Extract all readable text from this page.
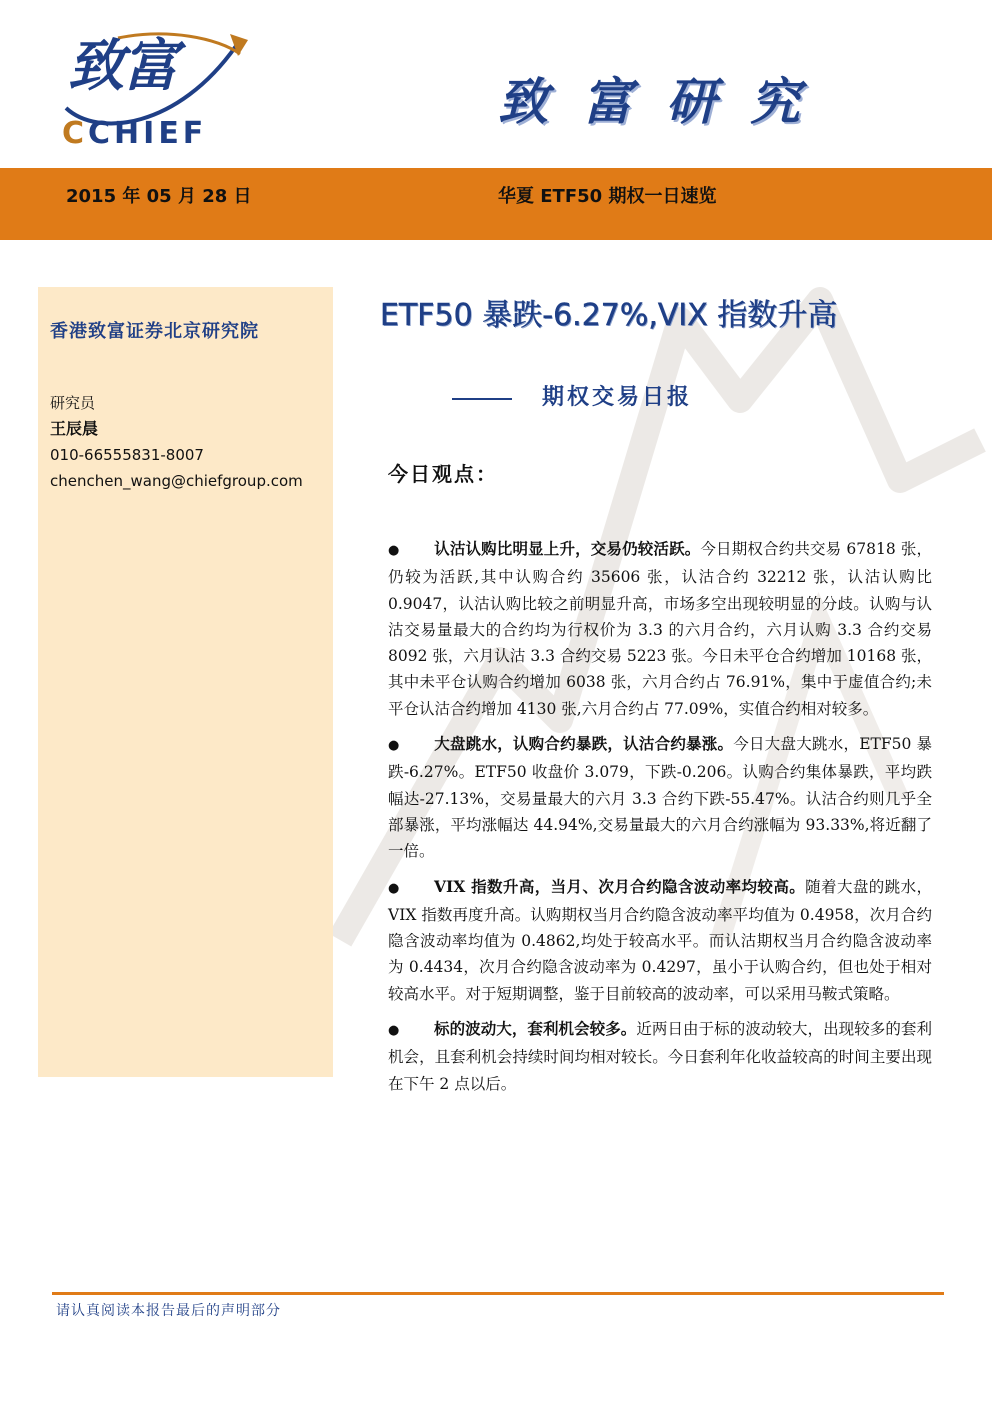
致富
CCHIEF
致富研究
2015 年 05 月 28 日	华夏 ETF50 期权一日速览
香港致富证券北京研究院
研究员
王辰晨
010-66555831-8007
chenchen_wang@chiefgroup.com
ETF50 暴跌-6.27%,VIX 指数升高
期权交易日报
今日观点：

● 认沽认购比明显上升，交易仍较活跃。今日期权合约共交易 67818 张，仍较为活跃,其中认购合约 35606 张，认沽合约 32212 张，认沽认购比 0.9047，认沽认购比较之前明显升高，市场多空出现较明显的分歧。认购与认沽交易量最大的合约均为行权价为 3.3 的六月合约，六月认购 3.3 合约交易 8092 张，六月认沽 3.3 合约交易 5223 张。今日未平仓合约增加 10168 张，其中未平仓认购合约增加 6038 张，六月合约占 76.91%，集中于虚值合约;未平仓认沽合约增加 4130 张,六月合约占 77.09%，实值合约相对较多。

● 大盘跳水，认购合约暴跌，认沽合约暴涨。今日大盘大跳水，ETF50 暴跌-6.27%。ETF50 收盘价 3.079，下跌-0.206。认购合约集体暴跌，平均跌幅达-27.13%，交易量最大的六月 3.3 合约下跌-55.47%。认沽合约则几乎全部暴涨，平均涨幅达 44.94%,交易量最大的六月合约涨幅为 93.33%,将近翻了一倍。

● VIX 指数升高，当月、次月合约隐含波动率均较高。随着大盘的跳水，VIX 指数再度升高。认购期权当月合约隐含波动率平均值为 0.4958，次月合约隐含波动率均值为 0.4862,均处于较高水平。而认沽期权当月合约隐含波动率为 0.4434，次月合约隐含波动率为 0.4297，虽小于认购合约，但也处于相对较高水平。对于短期调整，鉴于目前较高的波动率，可以采用马鞍式策略。

● 标的波动大，套利机会较多。近两日由于标的波动较大，出现较多的套利机会，且套利机会持续时间均相对较长。今日套利年化收益较高的时间主要出现在下午 2 点以后。

请认真阅读本报告最后的声明部分
